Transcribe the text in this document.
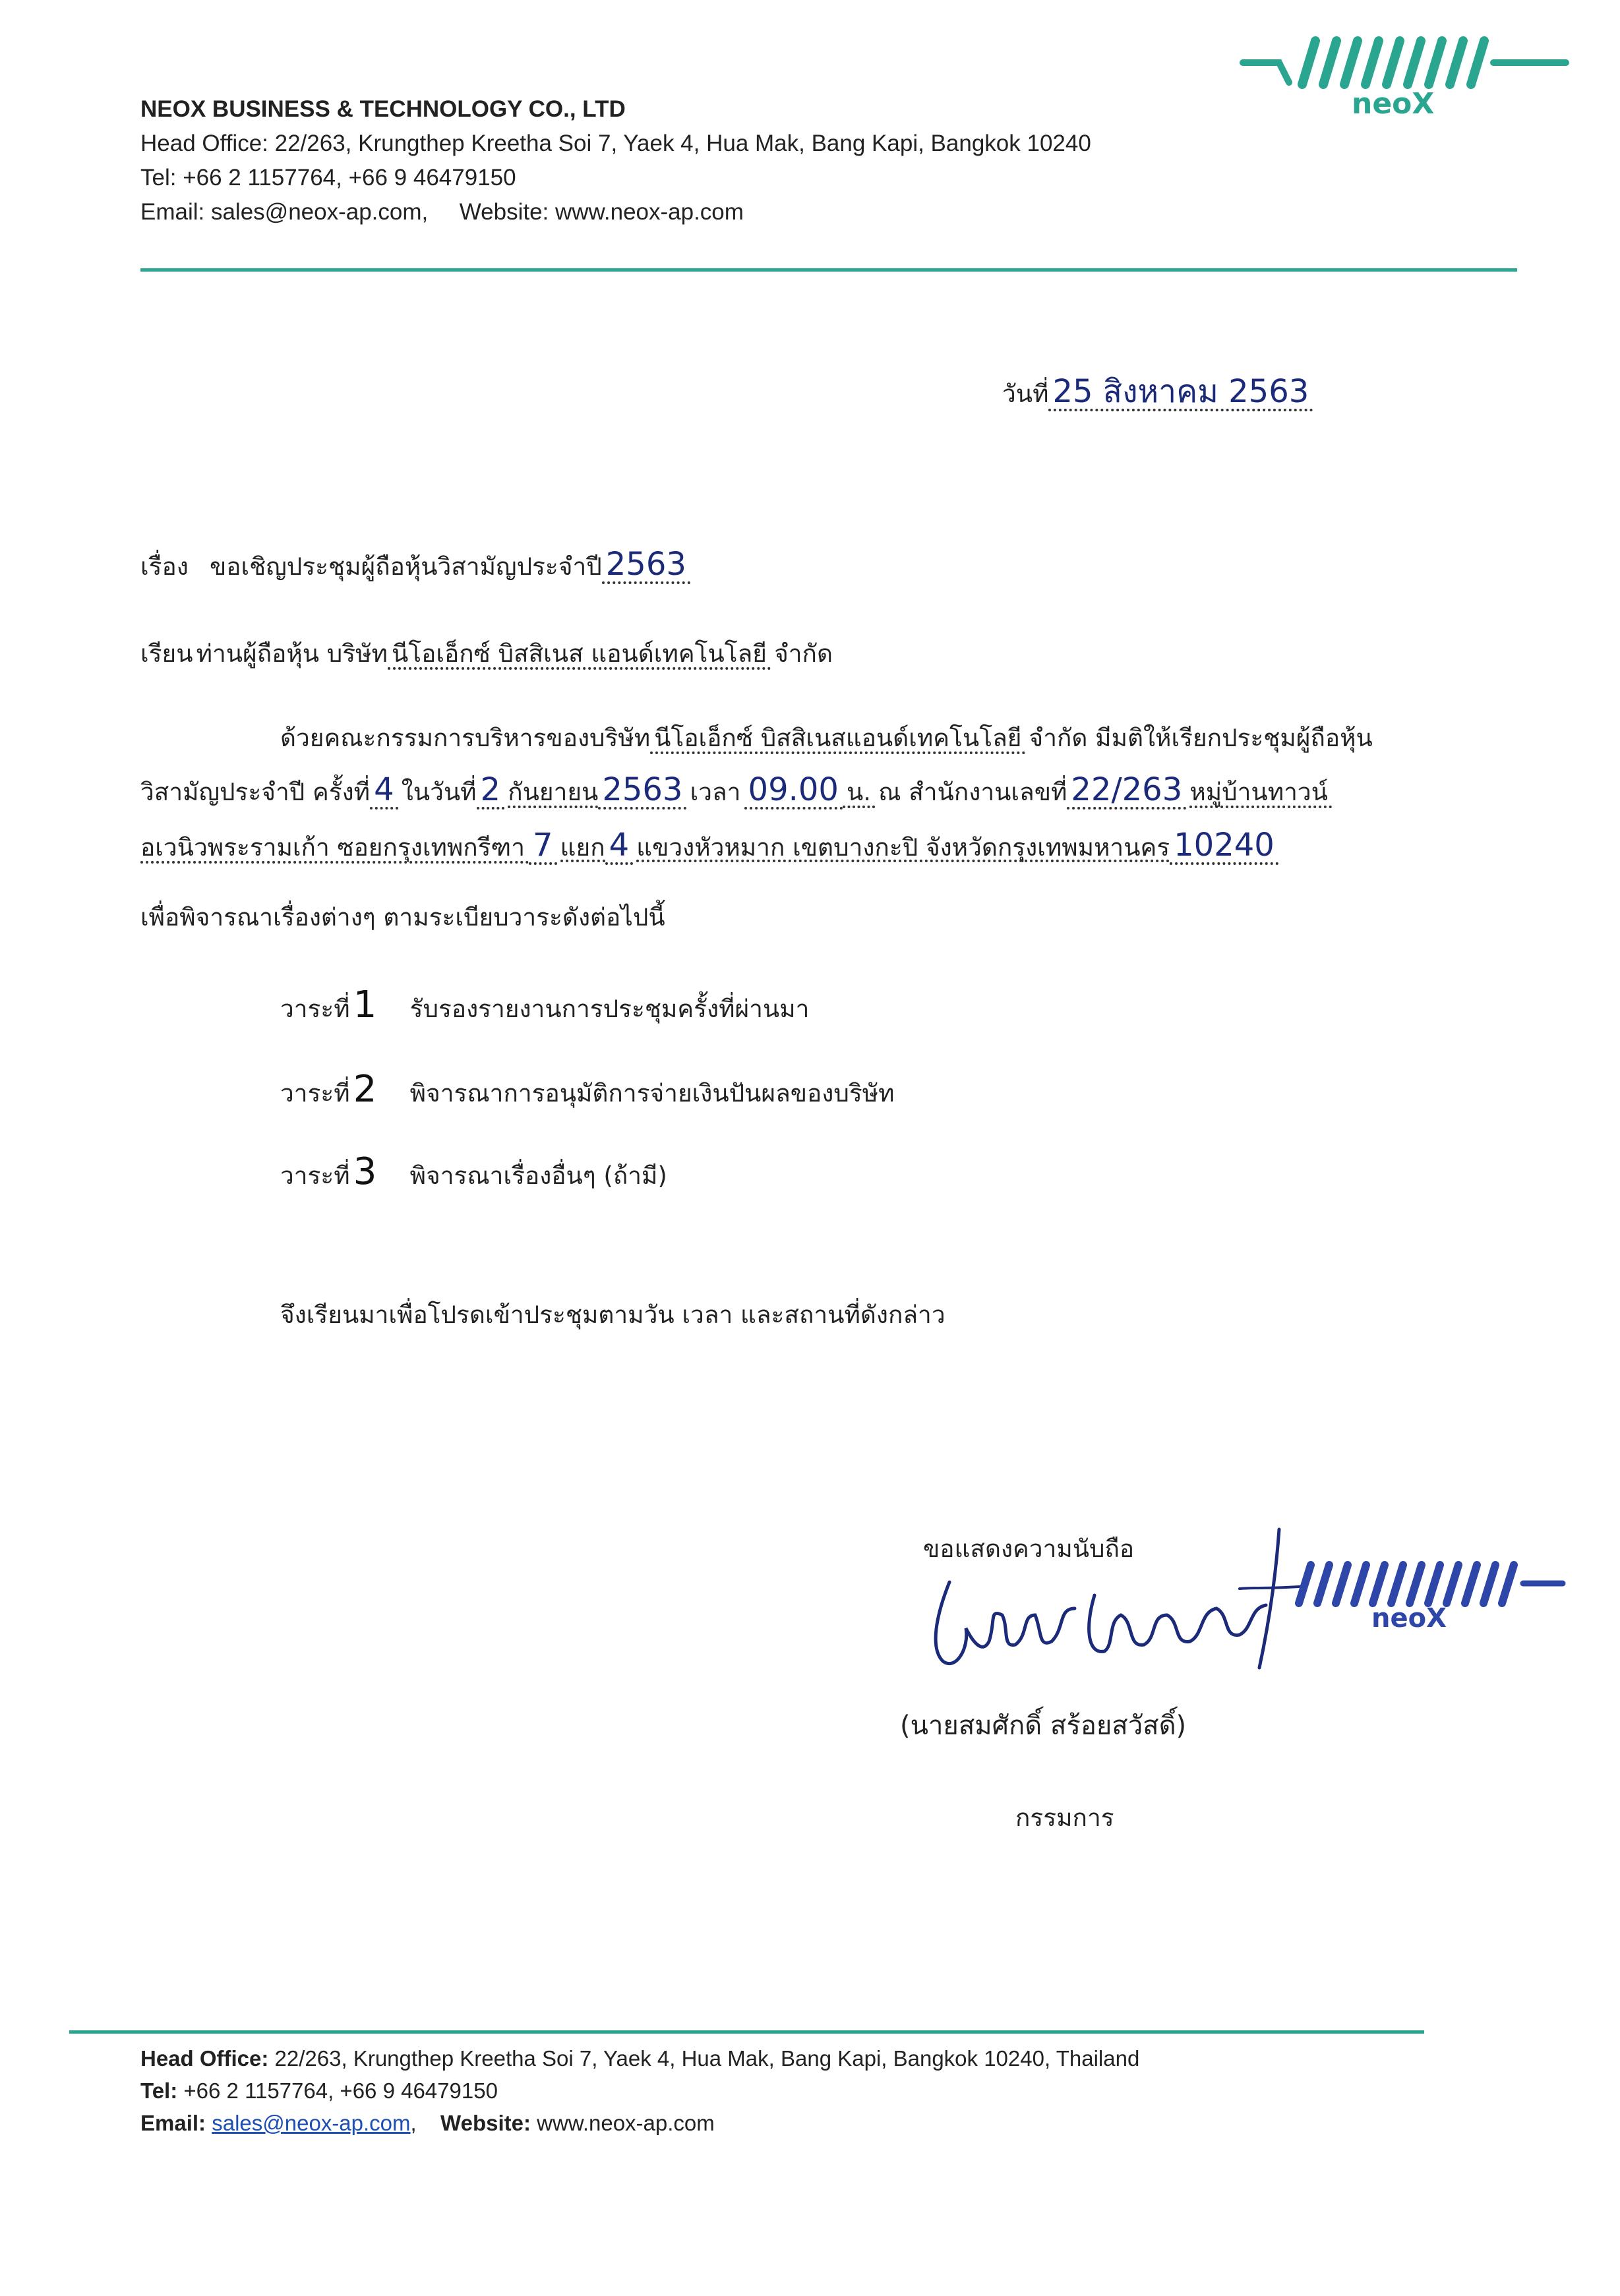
neoX
NEOX BUSINESS & TECHNOLOGY CO., LTD
Head Office: 22/263, Krungthep Kreetha Soi 7, Yaek 4, Hua Mak, Bang Kapi, Bangkok 10240
Tel: +66 2 1157764, +66 9 46479150
Email: sales@neox-ap.com, Website: www.neox-ap.com
วันที่ 25 สิงหาคม 2563
เรื่อง ขอเชิญประชุมผู้ถือหุ้นวิสามัญประจำปี 2563
เรียน ท่านผู้ถือหุ้น บริษัท นีโอเอ็กซ์ บิสสิเนส แอนด์เทคโนโลยี จำกัด
ด้วยคณะกรรมการบริหารของบริษัท นีโอเอ็กซ์ บิสสิเนสแอนด์เทคโนโลยี จำกัด มีมติให้เรียกประชุมผู้ถือหุ้น
วิสามัญประจำปี ครั้งที่ 4 ในวันที่ 2 กันยายน 2563 เวลา 09.00 น. ณ สำนักงานเลขที่ 22/263 หมู่บ้านทาวน์
อเวนิวพระรามเก้า ซอยกรุงเทพกรีฑา 7 แยก 4 แขวงหัวหมาก เขตบางกะปิ จังหวัดกรุงเทพมหานคร 10240
เพื่อพิจารณาเรื่องต่างๆ ตามระเบียบวาระดังต่อไปนี้
วาระที่ 1 รับรองรายงานการประชุมครั้งที่ผ่านมา
วาระที่ 2 พิจารณาการอนุมัติการจ่ายเงินปันผลของบริษัท
วาระที่ 3 พิจารณาเรื่องอื่นๆ (ถ้ามี)
จึงเรียนมาเพื่อโปรดเข้าประชุมตามวัน เวลา และสถานที่ดังกล่าว
ขอแสดงความนับถือ
neoX
(นายสมศักดิ์ สร้อยสวัสดิ์)
กรรมการ
Head Office: 22/263, Krungthep Kreetha Soi 7, Yaek 4, Hua Mak, Bang Kapi, Bangkok 10240, Thailand
Tel: +66 2 1157764, +66 9 46479150
Email: sales@neox-ap.com, Website: www.neox-ap.com
